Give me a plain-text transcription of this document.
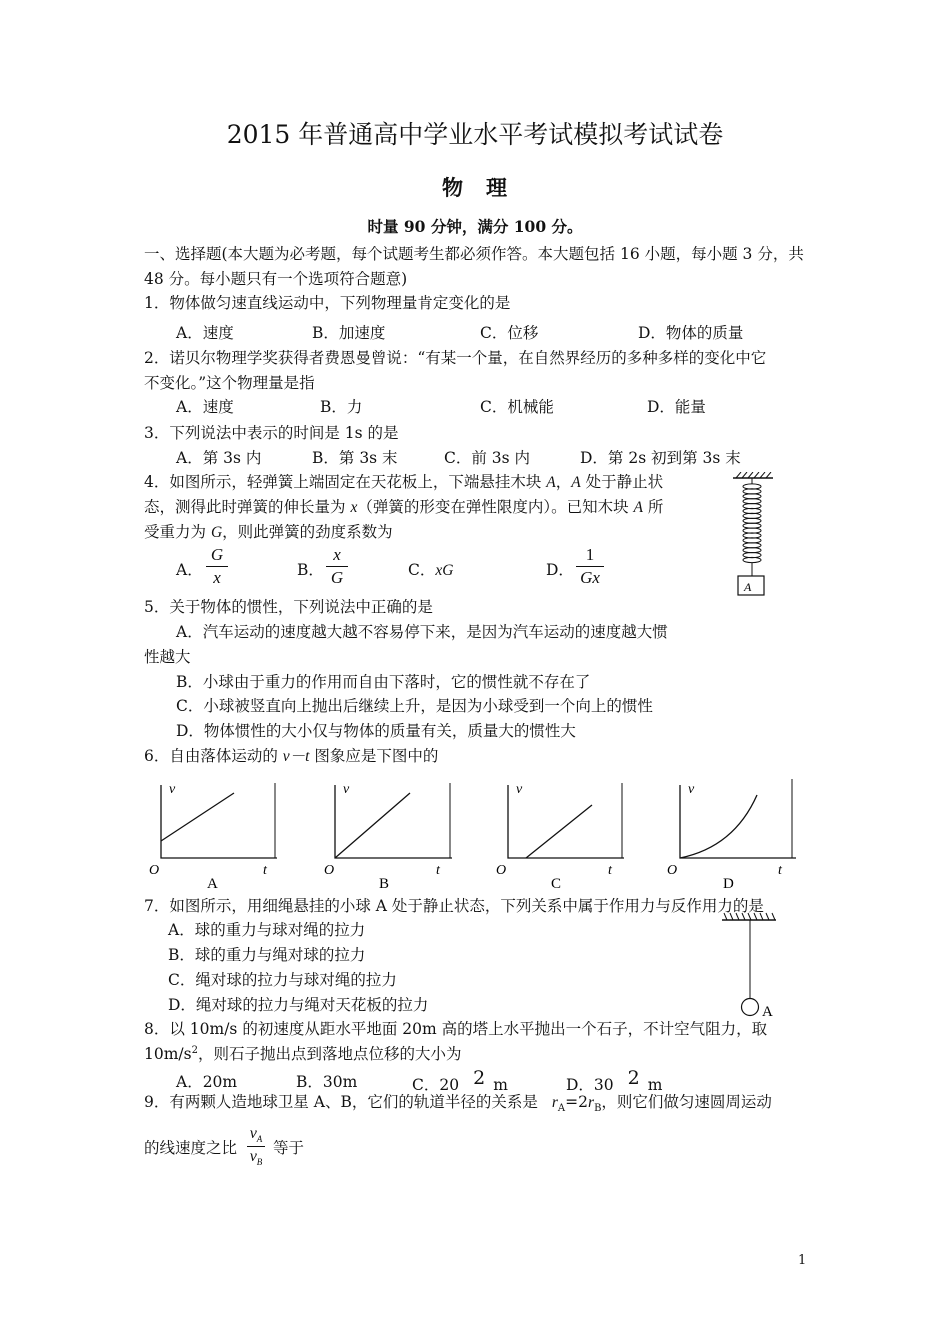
2015 年普通高中学业水平考试模拟考试试卷
物　理
时量 90 分钟，满分 100 分。
一、选择题(本大题为必考题，每个试题考生都必须作答。本大题包括 16 小题，每小题 3 分，共
48 分。每小题只有一个选项符合题意)
1．物体做匀速直线运动中，下列物理量肯定变化的是
A．速度	B．加速度	C．位移	D．物体的质量
2．诺贝尔物理学奖获得者费恩曼曾说：“有某一个量，在自然界经历的多种多样的变化中它
不变化。”这个物理量是指
A．速度	B．力	C．机械能	D．能量
3．下列说法中表示的时间是 1s 的是
A．第 3s 内	B．第 3s 末	C．前 3s 内	D．第 2s 初到第 3s 末
4．如图所示，轻弹簧上端固定在天花板上，下端悬挂木块 A，A 处于静止状
态，测得此时弹簧的伸长量为 x（弹簧的形变在弹性限度内）。已知木块 A 所
受重力为 G，则此弹簧的劲度系数为
A．
G
x	B．
x
G	C．xG	D．
1
Gx
A
5．关于物体的惯性，下列说法中正确的是
A．汽车运动的速度越大越不容易停下来，是因为汽车运动的速度越大惯
性越大
B．小球由于重力的作用而自由下落时，它的惯性就不存在了
C．小球被竖直向上抛出后继续上升，是因为小球受到一个向上的惯性
D．物体惯性的大小仅与物体的质量有关，质量大的惯性大
6．自由落体运动的 v－t 图象应是下图中的
v
t
O
A
v
t
O
B
v
t
O
C
v
t
O
D
7．如图所示，用细绳悬挂的小球 A 处于静止状态，下列关系中属于作用力与反作用力的是
A．球的重力与球对绳的拉力
B．球的重力与绳对球的拉力
C．绳对球的拉力与球对绳的拉力
D．绳对球的拉力与绳对天花板的拉力	A
8．以 10m/s 的初速度从距水平地面 20m 高的塔上水平抛出一个石子，不计空气阻力，取
$10m/s^2$，则石子抛出点到落地点位移的大小为
A．20m	B．30m	C．20 2 m	D．30 2 m
9．有两颗人造地球卫星 A、B，它们的轨道半径的关系是 $r_A=2r_B$，则它们做匀速圆周运动
的线速度之比
$v_A$
$v_B$
等于
1
